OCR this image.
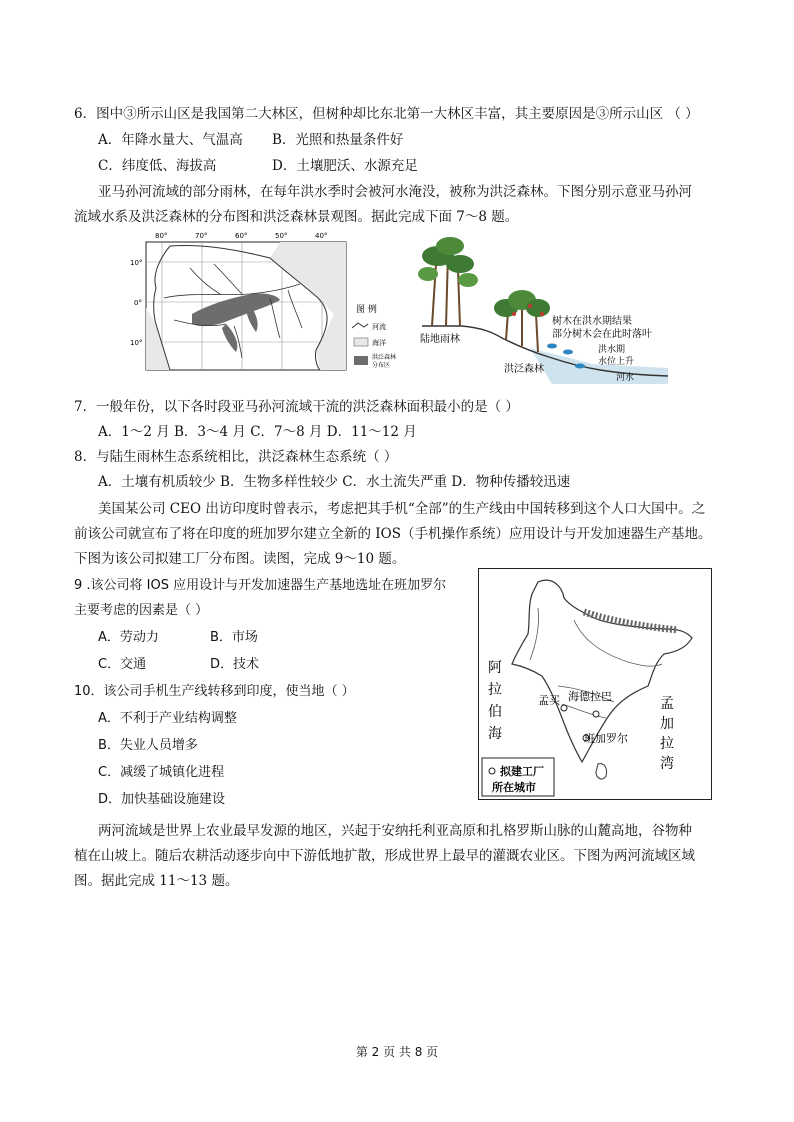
6．图中③所示山区是我国第二大林区，但树种却比东北第一大林区丰富，其主要原因是③所示山区 （ ）
A．年降水量大、气温高 B．光照和热量条件好
C．纬度低、海拔高	D．土壤肥沃、水源充足
亚马孙河流域的部分雨林，在每年洪水季时会被河水淹没，被称为洪泛森林。下图分别示意亚马孙河
流域水系及洪泛森林的分布图和洪泛森林景观图。据此完成下面 7～8 题。
80°	70°	60°	50°	40°
10°
0°
10°
图 例
河流
海洋
洪泛森林
分布区
陆地雨林
洪泛森林
树木在洪水期结果
部分树木会在此时落叶
洪水期
水位上升
河水
7．一般年份，以下各时段亚马孙河流域干流的洪泛森林面积最小的是（ ）
A．1～2 月 B．3～4 月 C．7～8 月 D．11～12 月
8．与陆生雨林生态系统相比，洪泛森林生态系统（ ）
A．土壤有机质较少 B．生物多样性较少 C．水土流失严重 D．物种传播较迅速
美国某公司 CEO 出访印度时曾表示，考虑把其手机“全部”的生产线由中国转移到这个人口大国中。之
前该公司就宣布了将在印度的班加罗尔建立全新的 IOS（手机操作系统）应用设计与开发加速器生产基地。
下图为该公司拟建工厂分布图。读图，完成 9～10 题。
9 .该公司将 IOS 应用设计与开发加速器生产基地选址在班加罗尔
主要考虑的因素是（ ）
A．劳动力	B．市场
C．交通	D．技术
10．该公司手机生产线转移到印度，使当地（ ）
A．不利于产业结构调整
B．失业人员增多
C．减缓了城镇化进程
D．加快基础设施建设
阿
拉
伯
海
孟
加
拉
湾
孟买 海德拉巴
班加罗尔
拟建工厂
所在城市
两河流域是世界上农业最早发源的地区，兴起于安纳托利亚高原和扎格罗斯山脉的山麓高地，谷物种
植在山坡上。随后农耕活动逐步向中下游低地扩散，形成世界上最早的灌溉农业区。下图为两河流域区域
图。据此完成 11～13 题。
第 2 页 共 8 页
